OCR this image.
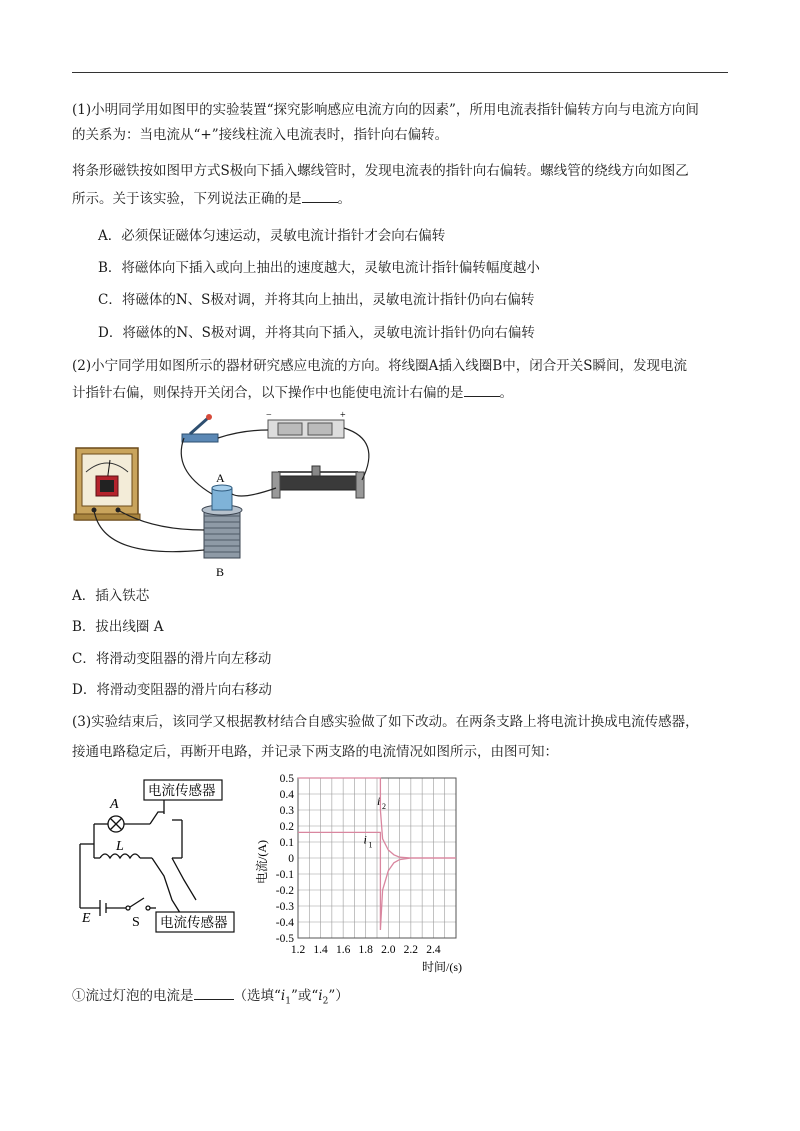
(1)小明同学用如图甲的实验装置“探究影响感应电流方向的因素”，所用电流表指针偏转方向与电流方向间
的关系为：当电流从“+”接线柱流入电流表时，指针向右偏转。
将条形磁铁按如图甲方式S极向下插入螺线管时，发现电流表的指针向右偏转。螺线管的绕线方向如图乙
所示。关于该实验，下列说法正确的是	。
A．必须保证磁体匀速运动，灵敏电流计指针才会向右偏转
B．将磁体向下插入或向上抽出的速度越大，灵敏电流计指针偏转幅度越小
C．将磁体的N、S极对调，并将其向上抽出，灵敏电流计指针仍向右偏转
D．将磁体的N、S极对调，并将其向下插入，灵敏电流计指针仍向右偏转
(2)小宁同学用如图所示的器材研究感应电流的方向。将线圈A插入线圈B中，闭合开关S瞬间，发现电流
计指针右偏，则保持开关闭合，以下操作中也能使电流计右偏的是	。
−	+
A
B
A．插入铁芯
B．拔出线圈 A
C．将滑动变阻器的滑片向左移动
D．将滑动变阻器的滑片向右移动
(3)实验结束后，该同学又根据教材结合自感实验做了如下改动。在两条支路上将电流计换成电流传感器，
接通电路稳定后，再断开电路，并记录下两支路的电流情况如图所示，由图可知：
电流传感器
电流传感器
A
L
E	S
i 2
i 1
0.5
0.4
0.3
0.2
0.1
0
-0.1
-0.2
-0.3
-0.4
-0.5
1.2 1.4 1.6 1.8 2.0 2.2 2.4
电流/(A)
时间/(s)
①流过灯泡的电流是	（选填“$i_1$”或“$i_2$”）
